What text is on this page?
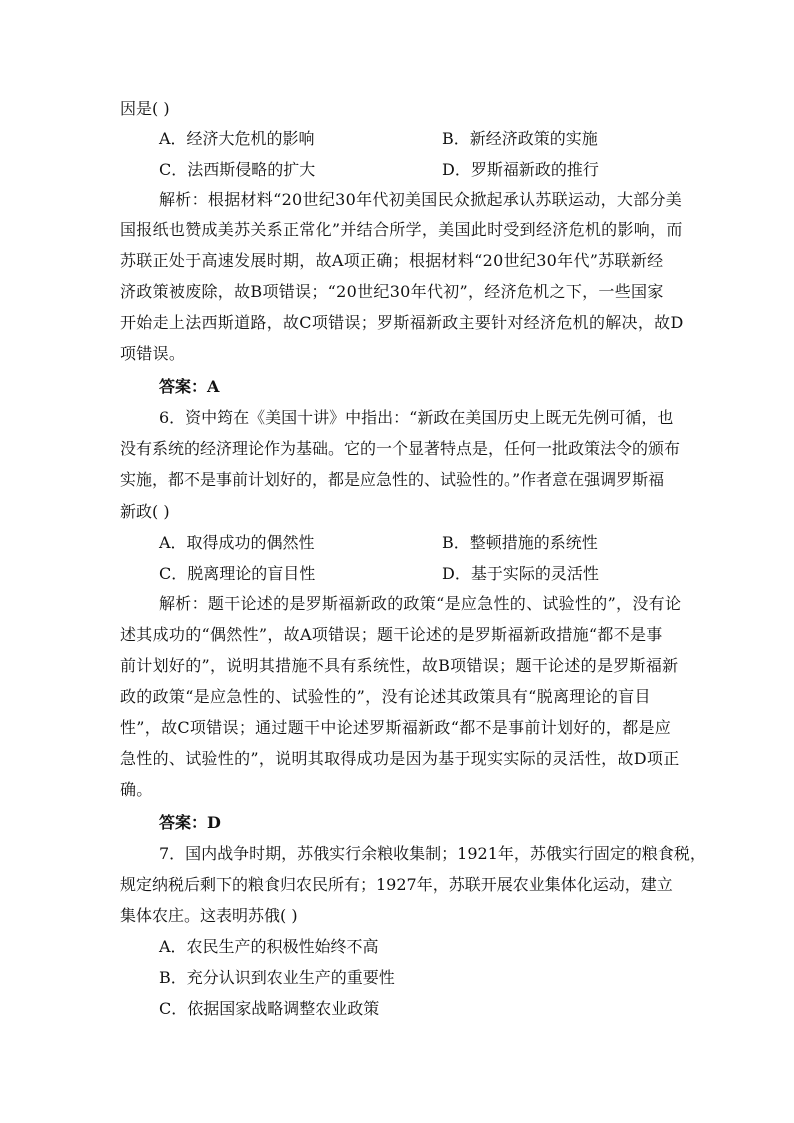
因是( )
A．经济大危机的影响	B．新经济政策的实施
C．法西斯侵略的扩大	D．罗斯福新政的推行
解析：根据材料“20世纪30年代初美国民众掀起承认苏联运动，大部分美
国报纸也赞成美苏关系正常化”并结合所学，美国此时受到经济危机的影响，而
苏联正处于高速发展时期，故A项正确；根据材料“20世纪30年代”苏联新经
济政策被废除，故B项错误；“20世纪30年代初”，经济危机之下，一些国家
开始走上法西斯道路，故C项错误；罗斯福新政主要针对经济危机的解决，故D
项错误。
答案：A
6．资中筠在《美国十讲》中指出：“新政在美国历史上既无先例可循，也
没有系统的经济理论作为基础。它的一个显著特点是，任何一批政策法令的颁布
实施，都不是事前计划好的，都是应急性的、试验性的。”作者意在强调罗斯福
新政( )
A．取得成功的偶然性	B．整顿措施的系统性
C．脱离理论的盲目性	D．基于实际的灵活性
解析：题干论述的是罗斯福新政的政策“是应急性的、试验性的”，没有论
述其成功的“偶然性”，故A项错误；题干论述的是罗斯福新政措施“都不是事
前计划好的”，说明其措施不具有系统性，故B项错误；题干论述的是罗斯福新
政的政策“是应急性的、试验性的”，没有论述其政策具有“脱离理论的盲目
性”，故C项错误；通过题干中论述罗斯福新政“都不是事前计划好的，都是应
急性的、试验性的”，说明其取得成功是因为基于现实实际的灵活性，故D项正
确。
答案：D
7．国内战争时期，苏俄实行余粮收集制；1921年，苏俄实行固定的粮食税，
规定纳税后剩下的粮食归农民所有；1927年，苏联开展农业集体化运动，建立
集体农庄。这表明苏俄( )
A．农民生产的积极性始终不高
B．充分认识到农业生产的重要性
C．依据国家战略调整农业政策
